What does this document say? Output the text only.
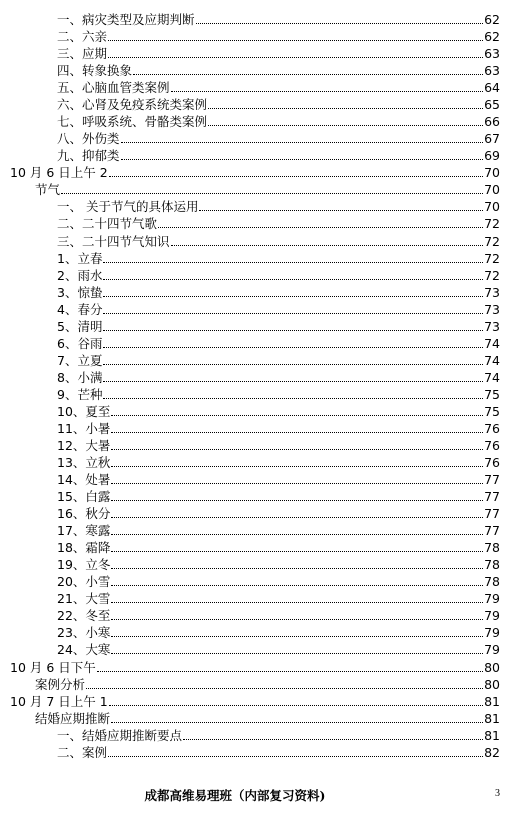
一、病灾类型及应期判断	62
二、六亲	62
三、应期	63
四、转象换象	63
五、心脑血管类案例	64
六、心肾及免疫系统类案例	65
七、呼吸系统、骨骼类案例	66
八、外伤类	67
九、抑郁类	69
10 月 6 日上午 2	70
节气	70
一、 关于节气的具体运用	70
二、二十四节气歌	72
三、二十四节气知识	72
1、立春	72
2、雨水	72
3、惊蛰	73
4、春分	73
5、清明	73
6、谷雨	74
7、立夏	74
8、小满	74
9、芒种	75
10、夏至	75
11、小暑	76
12、大暑	76
13、立秋	76
14、处暑	77
15、白露	77
16、秋分	77
17、寒露	77
18、霜降	78
19、立冬	78
20、小雪	78
21、大雪	79
22、冬至	79
23、小寒	79
24、大寒	79
10 月 6 日下午	80
案例分析	80
10 月 7 日上午 1	81
结婚应期推断	81
一、结婚应期推断要点	81
二、案例	82
成都高维易理班（内部复习资料)	3
